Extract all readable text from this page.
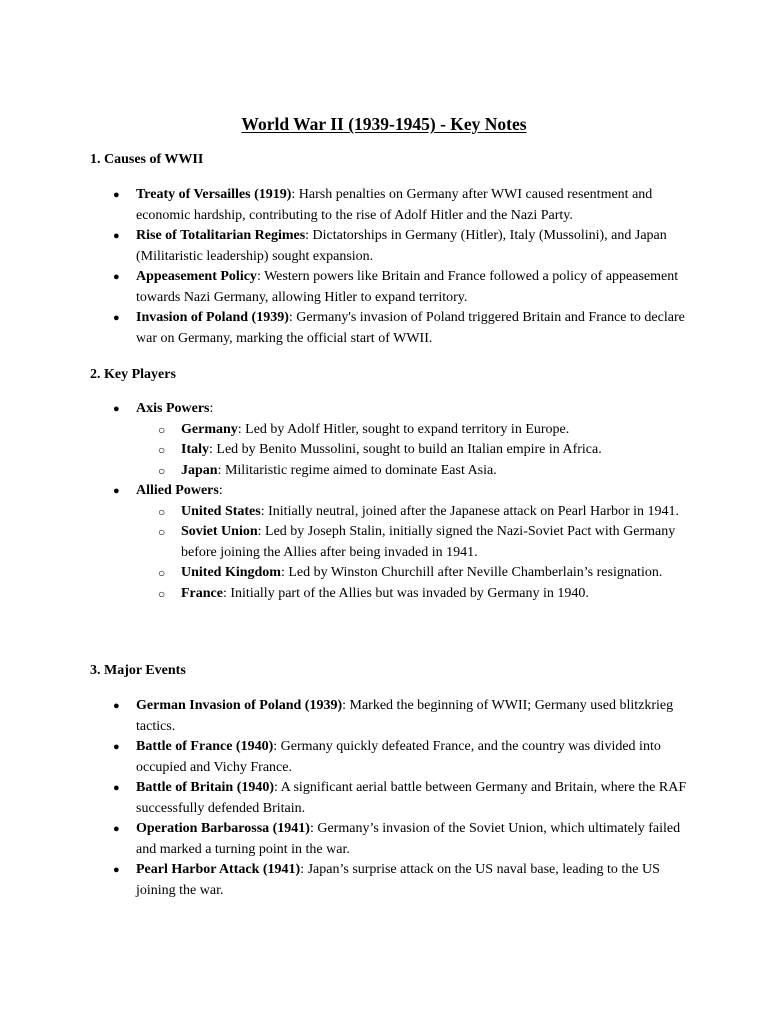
World War II (1939-1945) - Key Notes
1. Causes of WWII
● Treaty of Versailles (1919): Harsh penalties on Germany after WWI caused resentment and economic hardship, contributing to the rise of Adolf Hitler and the Nazi Party.
● Rise of Totalitarian Regimes: Dictatorships in Germany (Hitler), Italy (Mussolini), and Japan (Militaristic leadership) sought expansion.
● Appeasement Policy: Western powers like Britain and France followed a policy of appeasement towards Nazi Germany, allowing Hitler to expand territory.
● Invasion of Poland (1939): Germany's invasion of Poland triggered Britain and France to declare war on Germany, marking the official start of WWII.
2. Key Players
● Axis Powers:
○ Germany: Led by Adolf Hitler, sought to expand territory in Europe.
○ Italy: Led by Benito Mussolini, sought to build an Italian empire in Africa.
○ Japan: Militaristic regime aimed to dominate East Asia.
● Allied Powers:
○ United States: Initially neutral, joined after the Japanese attack on Pearl Harbor in 1941.
○ Soviet Union: Led by Joseph Stalin, initially signed the Nazi-Soviet Pact with Germany before joining the Allies after being invaded in 1941.
○ United Kingdom: Led by Winston Churchill after Neville Chamberlain’s resignation.
○ France: Initially part of the Allies but was invaded by Germany in 1940.
3. Major Events
● German Invasion of Poland (1939): Marked the beginning of WWII; Germany used blitzkrieg tactics.
● Battle of France (1940): Germany quickly defeated France, and the country was divided into occupied and Vichy France.
● Battle of Britain (1940): A significant aerial battle between Germany and Britain, where the RAF successfully defended Britain.
● Operation Barbarossa (1941): Germany’s invasion of the Soviet Union, which ultimately failed and marked a turning point in the war.
● Pearl Harbor Attack (1941): Japan’s surprise attack on the US naval base, leading to the US joining the war.
